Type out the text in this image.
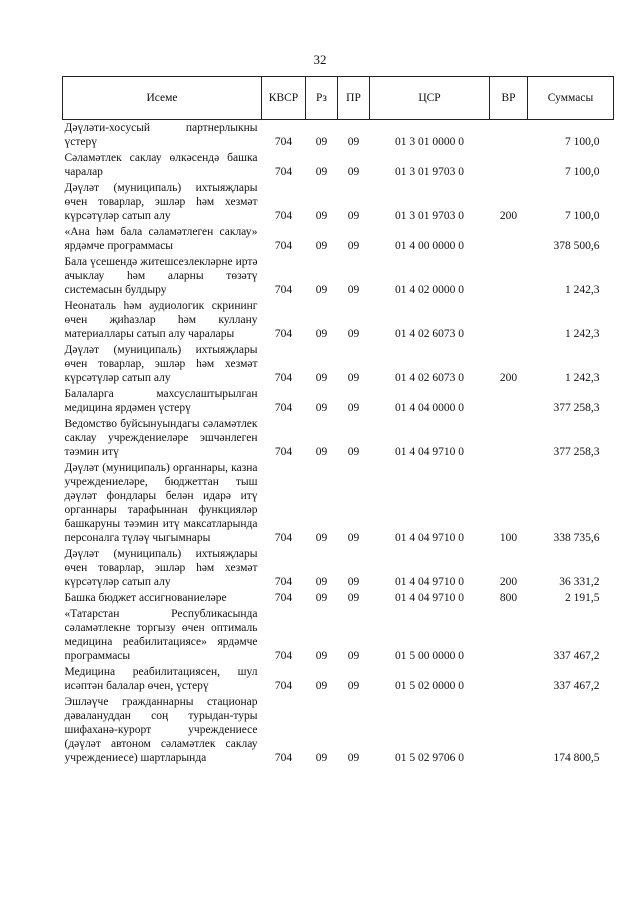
32
Исеме	КВСР	Рз	ПР	ЦСР	ВР	Суммасы
Дәүләти-хосусый партнерлыкны үстерү	704	09	09	01 3 01 0000 0		7 100,0
Сәламәтлек саклау өлкәсендә башка чаралар	704	09	09	01 3 01 9703 0		7 100,0
Дәүләт (муниципаль) ихтыяҗлары өчен товарлар, эшләр һәм хезмәт күрсәтүләр сатып алу	704	09	09	01 3 01 9703 0	200	7 100,0
«Ана һәм бала сәламәтлеген саклау» ярдәмче программасы	704	09	09	01 4 00 0000 0		378 500,6
Бала үсешендә житешсезлекләрне иртә ачыклау һәм аларны төзәтү системасын булдыру	704	09	09	01 4 02 0000 0		1 242,3
Неонаталь һәм аудиологик скрининг өчен җиһазлар һәм куллану материаллары сатып алу чаралары	704	09	09	01 4 02 6073 0		1 242,3
Дәүләт (муниципаль) ихтыяҗлары өчен товарлар, эшләр һәм хезмәт күрсәтүләр сатып алу	704	09	09	01 4 02 6073 0	200	1 242,3
Балаларга махсуслаштырылган медицина ярдәмен үстерү	704	09	09	01 4 04 0000 0		377 258,3
Ведомство буйсынуындагы сәламәтлек саклау учреждениеләре эшчәнлеген тәэмин итү	704	09	09	01 4 04 9710 0		377 258,3
Дәүләт (муниципаль) органнары, казна учреждениеләре, бюджеттан тыш дәүләт фондлары белән идарә итү органнары тарафыннан функцияләр башкаруны тәэмин итү максатларында персоналга түләү чыгымнары	704	09	09	01 4 04 9710 0	100	338 735,6
Дәүләт (муниципаль) ихтыяҗлары өчен товарлар, эшләр һәм хезмәт күрсәтүләр сатып алу	704	09	09	01 4 04 9710 0	200	36 331,2
Башка бюджет ассигнованиеләре	704	09	09	01 4 04 9710 0	800	2 191,5
«Татарстан Республикасында сәламәтлекне торгызу өчен оптималь медицина реабилитациясе» ярдәмче программасы	704	09	09	01 5 00 0000 0		337 467,2
Медицина реабилитациясен, шул исәптән балалар өчен, үстерү	704	09	09	01 5 02 0000 0		337 467,2
Эшләүче гражданнарны стационар дәвалануддан соң турыдан-туры шифаханә-курорт учреждениесе (дәүләт автоном сәламәтлек саклау учреждениесе) шартларында	704	09	09	01 5 02 9706 0		174 800,5
